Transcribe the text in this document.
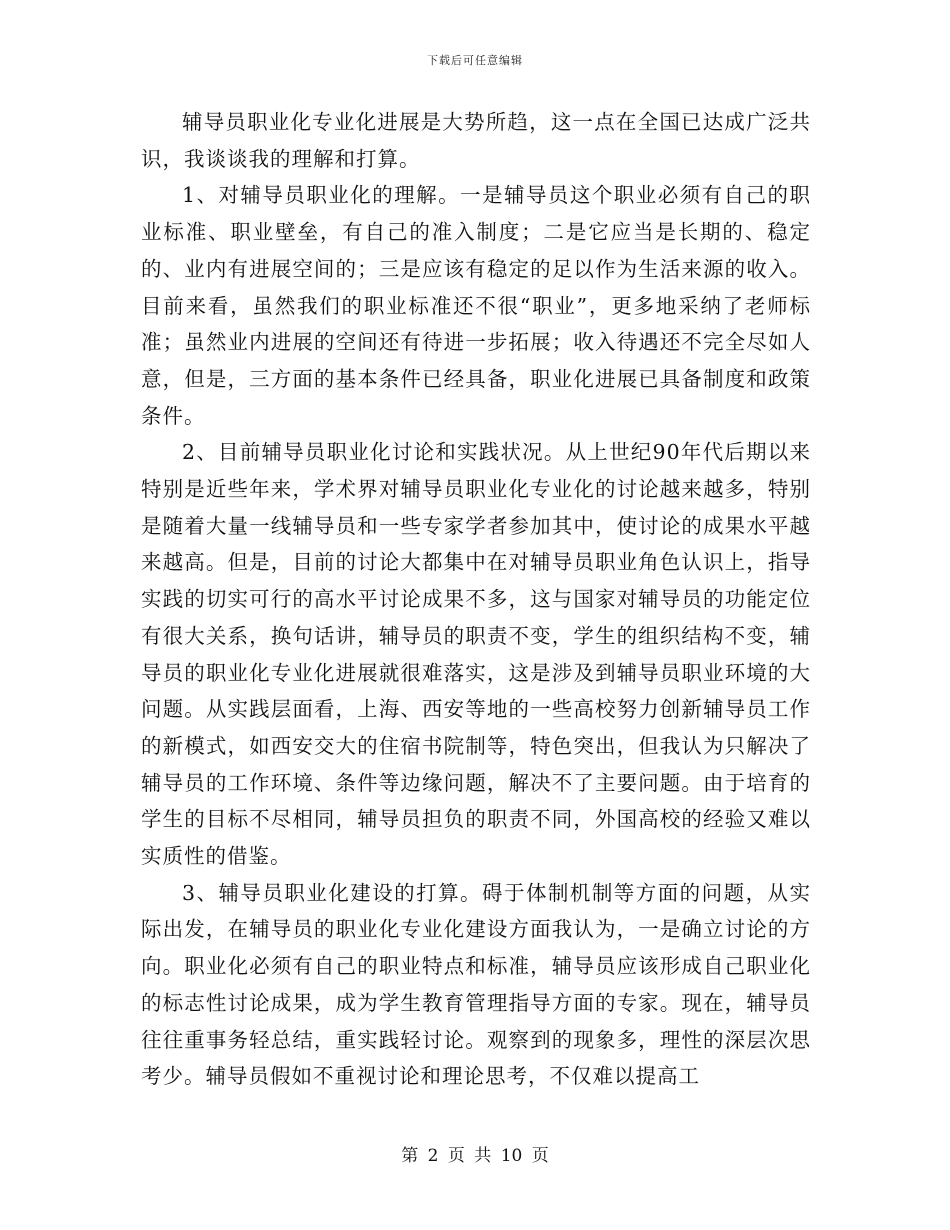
下载后可任意编辑

辅导员职业化专业化进展是大势所趋，这一点在全国已达成广泛共识，我谈谈我的理解和打算。

1、对辅导员职业化的理解。一是辅导员这个职业必须有自己的职业标准、职业壁垒，有自己的准入制度；二是它应当是长期的、稳定的、业内有进展空间的；三是应该有稳定的足以作为生活来源的收入。目前来看，虽然我们的职业标准还不很“职业”，更多地采纳了老师标准；虽然业内进展的空间还有待进一步拓展；收入待遇还不完全尽如人意，但是，三方面的基本条件已经具备，职业化进展已具备制度和政策条件。

2、目前辅导员职业化讨论和实践状况。从上世纪90年代后期以来特别是近些年来，学术界对辅导员职业化专业化的讨论越来越多，特别是随着大量一线辅导员和一些专家学者参加其中，使讨论的成果水平越来越高。但是，目前的讨论大都集中在对辅导员职业角色认识上，指导实践的切实可行的高水平讨论成果不多，这与国家对辅导员的功能定位有很大关系，换句话讲，辅导员的职责不变，学生的组织结构不变，辅导员的职业化专业化进展就很难落实，这是涉及到辅导员职业环境的大问题。从实践层面看，上海、西安等地的一些高校努力创新辅导员工作的新模式，如西安交大的住宿书院制等，特色突出，但我认为只解决了辅导员的工作环境、条件等边缘问题，解决不了主要问题。由于培育的学生的目标不尽相同，辅导员担负的职责不同，外国高校的经验又难以实质性的借鉴。

3、辅导员职业化建设的打算。碍于体制机制等方面的问题，从实际出发，在辅导员的职业化专业化建设方面我认为，一是确立讨论的方向。职业化必须有自己的职业特点和标准，辅导员应该形成自己职业化的标志性讨论成果，成为学生教育管理指导方面的专家。现在，辅导员往往重事务轻总结，重实践轻讨论。观察到的现象多，理性的深层次思考少。辅导员假如不重视讨论和理论思考，不仅难以提高工

第 2 页 共 10 页
